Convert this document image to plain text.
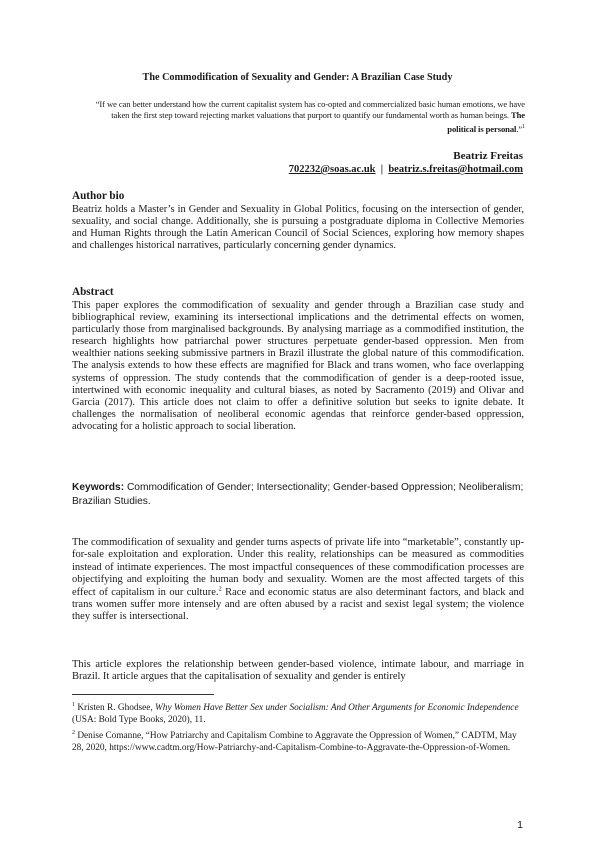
The Commodification of Sexuality and Gender: A Brazilian Case Study
“If we can better understand how the current capitalist system has co-opted and commercialized basic human emotions, we have taken the first step toward rejecting market valuations that purport to quantify our fundamental worth as human beings. The political is personal.”$^1$
Beatriz Freitas
702232@soas.ac.uk | beatriz.s.freitas@hotmail.com
Author bio

Beatriz holds a Master’s in Gender and Sexuality in Global Politics, focusing on the intersection of gender, sexuality, and social change. Additionally, she is pursuing a postgraduate diploma in Collective Memories and Human Rights through the Latin American Council of Social Sciences, exploring how memory shapes and challenges historical narratives, particularly concerning gender dynamics.

Abstract

This paper explores the commodification of sexuality and gender through a Brazilian case study and bibliographical review, examining its intersectional implications and the detrimental effects on women, particularly those from marginalised backgrounds. By analysing marriage as a commodified institution, the research highlights how patriarchal power structures perpetuate gender-based oppression. Men from wealthier nations seeking submissive partners in Brazil illustrate the global nature of this commodification. The analysis extends to how these effects are magnified for Black and trans women, who face overlapping systems of oppression. The study contends that the commodification of gender is a deep-rooted issue, intertwined with economic inequality and cultural biases, as noted by Sacramento (2019) and Olivar and Garcia (2017). This article does not claim to offer a definitive solution but seeks to ignite debate. It challenges the normalisation of neoliberal economic agendas that reinforce gender-based oppression, advocating for a holistic approach to social liberation.

Keywords: Commodification of Gender; Intersectionality; Gender-based Oppression; Neoliberalism; Brazilian Studies.

The commodification of sexuality and gender turns aspects of private life into “marketable”, constantly up-for-sale exploitation and exploration. Under this reality, relationships can be measured as commodities instead of intimate experiences. The most impactful consequences of these commodification processes are objectifying and exploiting the human body and sexuality. Women are the most affected targets of this effect of capitalism in our culture.$^2$ Race and economic status are also determinant factors, and black and trans women suffer more intensely and are often abused by a racist and sexist legal system; the violence they suffer is intersectional.

This article explores the relationship between gender-based violence, intimate labour, and marriage in Brazil. It article argues that the capitalisation of sexuality and gender is entirely

$^1$ Kristen R. Ghodsee, Why Women Have Better Sex under Socialism: And Other Arguments for Economic Independence (USA: Bold Type Books, 2020), 11.

$^2$ Denise Comanne, “How Patriarchy and Capitalism Combine to Aggravate the Oppression of Women,” CADTM, May 28, 2020, https://www.cadtm.org/How-Patriarchy-and-Capitalism-Combine-to-Aggravate-the-Oppression-of-Women.

1
